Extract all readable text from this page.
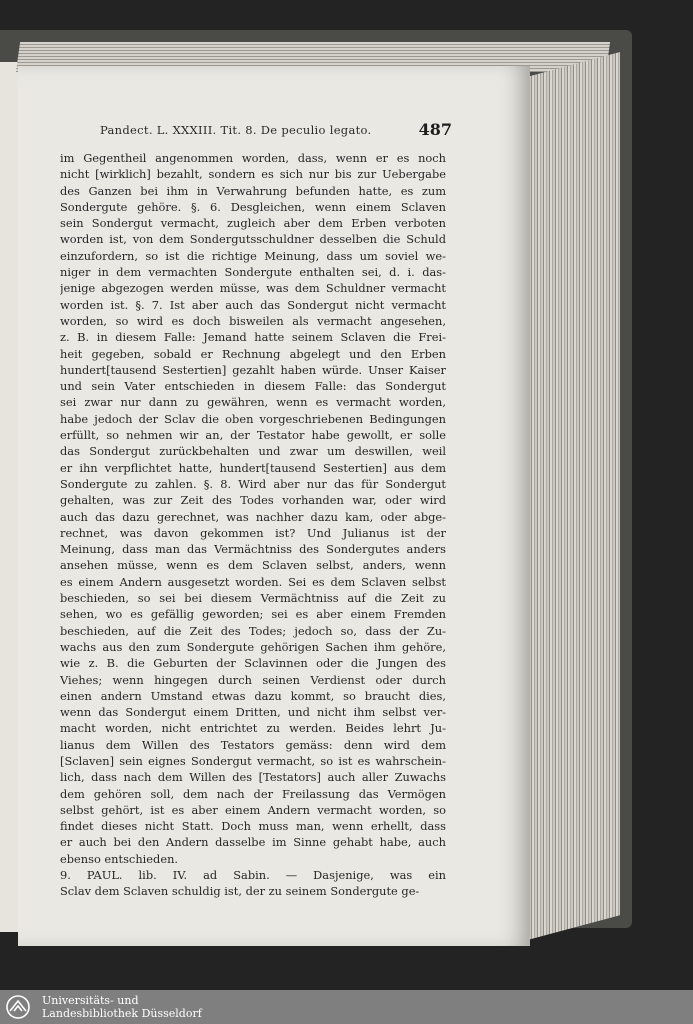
Pandect. L. XXXIII. Tit. 8. De peculio legato.	487
im Gegentheil angenommen worden, dass, wenn er es noch
nicht [wirklich] bezahlt, sondern es sich nur bis zur Uebergabe
des Ganzen bei ihm in Verwahrung befunden hatte, es zum
Sondergute gehöre. §. 6. Desgleichen, wenn einem Sclaven
sein Sondergut vermacht, zugleich aber dem Erben verboten
worden ist, von dem Sondergutsschuldner desselben die Schuld
einzufordern, so ist die richtige Meinung, dass um soviel we-
niger in dem vermachten Sondergute enthalten sei, d. i. das-
jenige abgezogen werden müsse, was dem Schuldner vermacht
worden ist. §. 7. Ist aber auch das Sondergut nicht vermacht
worden, so wird es doch bisweilen als vermacht angesehen,
z. B. in diesem Falle: Jemand hatte seinem Sclaven die Frei-
heit gegeben, sobald er Rechnung abgelegt und den Erben
hundert[tausend Sestertien] gezahlt haben würde. Unser Kaiser
und sein Vater entschieden in diesem Falle: das Sondergut
sei zwar nur dann zu gewähren, wenn es vermacht worden,
habe jedoch der Sclav die oben vorgeschriebenen Bedingungen
erfüllt, so nehmen wir an, der Testator habe gewollt, er solle
das Sondergut zurückbehalten und zwar um deswillen, weil
er ihn verpflichtet hatte, hundert[tausend Sestertien] aus dem
Sondergute zu zahlen. §. 8. Wird aber nur das für Sondergut
gehalten, was zur Zeit des Todes vorhanden war, oder wird
auch das dazu gerechnet, was nachher dazu kam, oder abge-
rechnet, was davon gekommen ist? Und Julianus ist der
Meinung, dass man das Vermächtniss des Sondergutes anders
ansehen müsse, wenn es dem Sclaven selbst, anders, wenn
es einem Andern ausgesetzt worden. Sei es dem Sclaven selbst
beschieden, so sei bei diesem Vermächtniss auf die Zeit zu
sehen, wo es gefällig geworden; sei es aber einem Fremden
beschieden, auf die Zeit des Todes; jedoch so, dass der Zu-
wachs aus den zum Sondergute gehörigen Sachen ihm gehöre,
wie z. B. die Geburten der Sclavinnen oder die Jungen des
Viehes; wenn hingegen durch seinen Verdienst oder durch
einen andern Umstand etwas dazu kommt, so braucht dies,
wenn das Sondergut einem Dritten, und nicht ihm selbst ver-
macht worden, nicht entrichtet zu werden. Beides lehrt Ju-
lianus dem Willen des Testators gemäss: denn wird dem
[Sclaven] sein eignes Sondergut vermacht, so ist es wahrschein-
lich, dass nach dem Willen des [Testators] auch aller Zuwachs
dem gehören soll, dem nach der Freilassung das Vermögen
selbst gehört, ist es aber einem Andern vermacht worden, so
findet dieses nicht Statt. Doch muss man, wenn erhellt, dass
er auch bei den Andern dasselbe im Sinne gehabt habe, auch
ebenso entschieden.
9. PAUL. lib. IV. ad Sabin. — Dasjenige, was ein
Sclav dem Sclaven schuldig ist, der zu seinem Sondergute ge-
Universitäts- und
Landesbibliothek Düsseldorf
